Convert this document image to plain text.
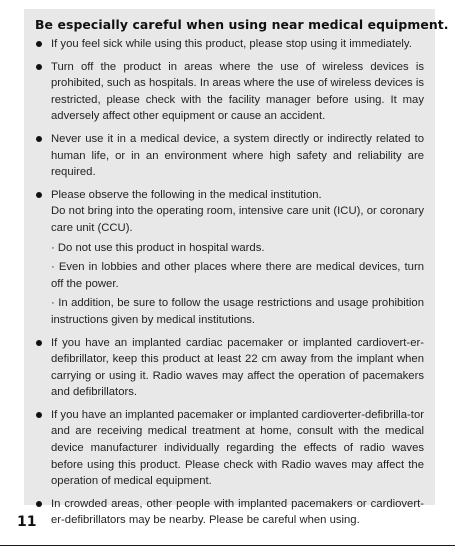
Be especially careful when using near medical equipment.
If you feel sick while using this product, please stop using it immediately.
Turn off the product in areas where the use of wireless devices is prohibited, such as hospitals. In areas where the use of wireless devices is restricted, please check with the facility manager before using. It may adversely affect other equipment or cause an accident.
Never use it in a medical device, a system directly or indirectly related to human life, or in an environment where high safety and reliability are required.
Please observe the following in the medical institution.
Do not bring into the operating room, intensive care unit (ICU), or coronary care unit (CCU).
· Do not use this product in hospital wards.
· Even in lobbies and other places where there are medical devices, turn off the power.
· In addition, be sure to follow the usage restrictions and usage prohibition instructions given by medical institutions.
If you have an implanted cardiac pacemaker or implanted cardiovert-er-defibrillator, keep this product at least 22 cm away from the implant when carrying or using it. Radio waves may affect the operation of pacemakers and defibrillators.
If you have an implanted pacemaker or implanted cardioverter-defibrilla-tor and are receiving medical treatment at home, consult with the medical device manufacturer individually regarding the effects of radio waves before using this product. Please check with Radio waves may affect the operation of medical equipment.
In crowded areas, other people with implanted pacemakers or cardiovert-er-defibrillators may be nearby. Please be careful when using.
11
